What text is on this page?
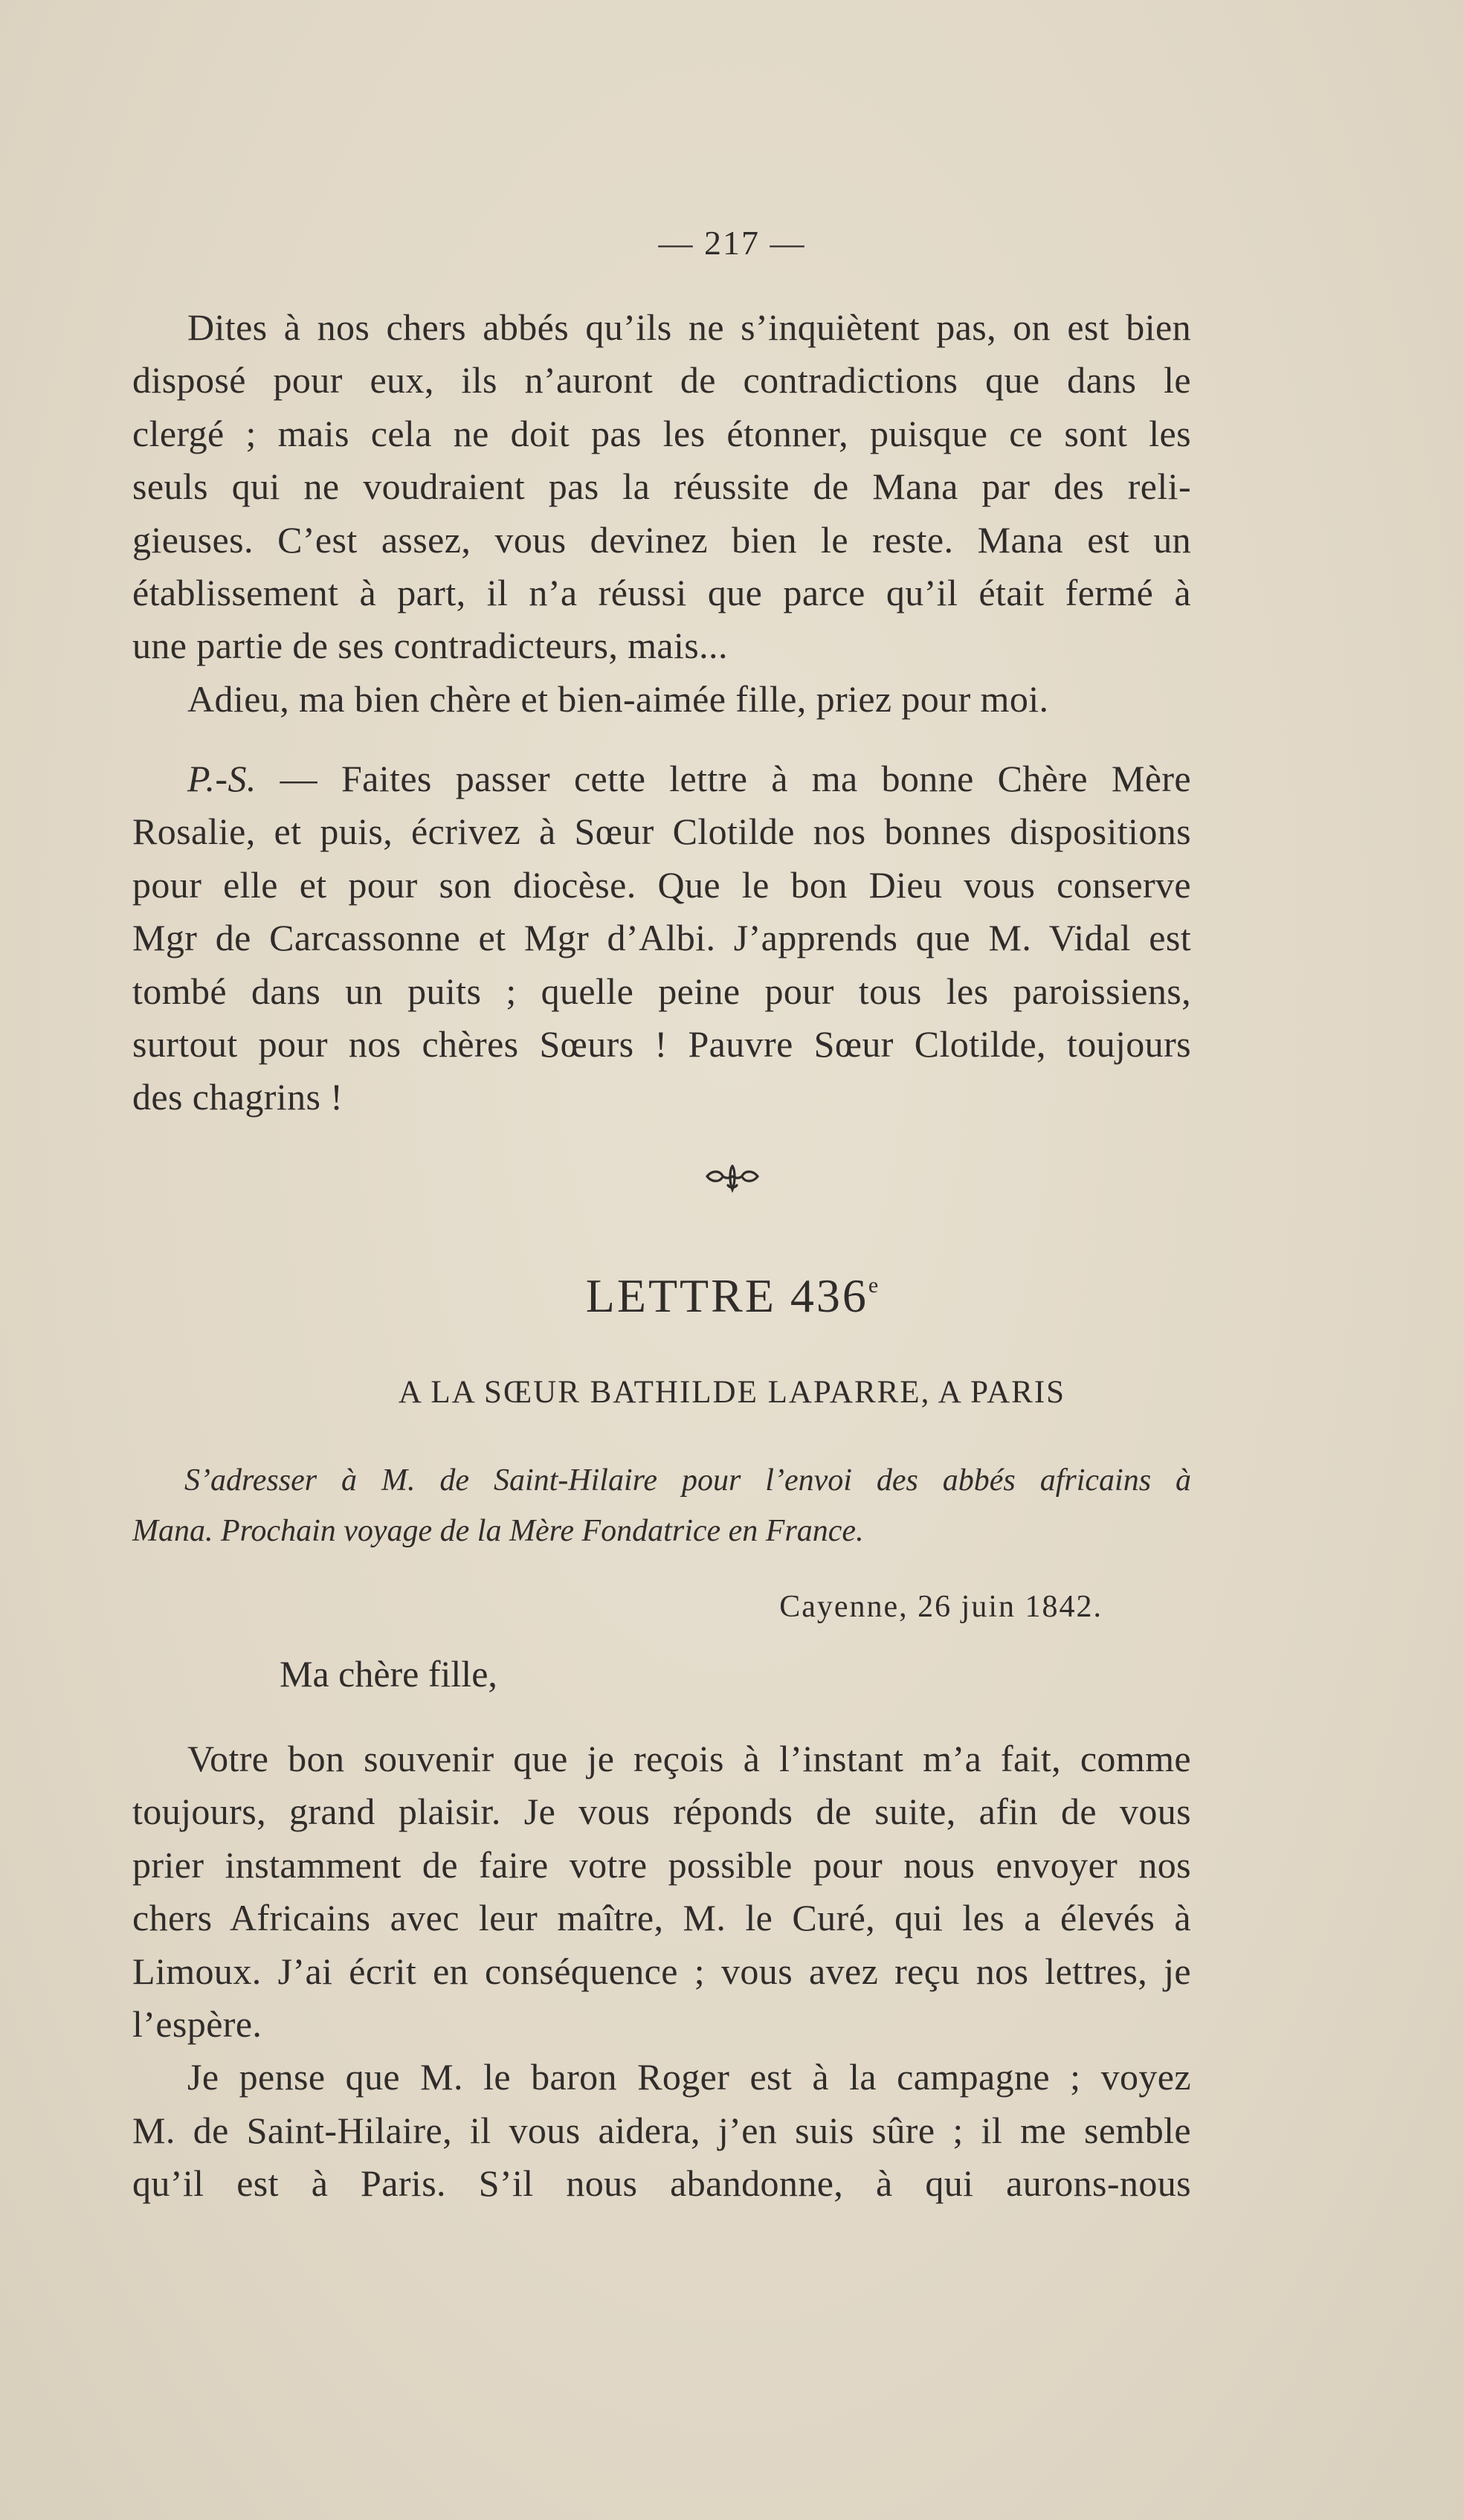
— 217 —

Dites à nos chers abbés qu’ils ne s’inquiètent pas, on est bien

disposé pour eux, ils n’auront de contradictions que dans le

clergé ; mais cela ne doit pas les étonner, puisque ce sont les

seuls qui ne voudraient pas la réussite de Mana par des reli-

gieuses. C’est assez, vous devinez bien le reste. Mana est un

établissement à part, il n’a réussi que parce qu’il était fermé à

une partie de ses contradicteurs, mais...

Adieu, ma bien chère et bien-aimée fille, priez pour moi.

P.-S. — Faites passer cette lettre à ma bonne Chère Mère

Rosalie, et puis, écrivez à Sœur Clotilde nos bonnes dispositions

pour elle et pour son diocèse. Que le bon Dieu vous conserve

Mgr de Carcassonne et Mgr d’Albi. J’apprends que M. Vidal est

tombé dans un puits ; quelle peine pour tous les paroissiens,

surtout pour nos chères Sœurs ! Pauvre Sœur Clotilde, toujours

des chagrins !

LETTRE 436e
A LA SŒUR BATHILDE LAPARRE, A PARIS
S’adresser à M. de Saint-Hilaire pour l’envoi des abbés africains à
Mana. Prochain voyage de la Mère Fondatrice en France.
Cayenne, 26 juin 1842.
Ma chère fille,

Votre bon souvenir que je reçois à l’instant m’a fait, comme

toujours, grand plaisir. Je vous réponds de suite, afin de vous

prier instamment de faire votre possible pour nous envoyer nos

chers Africains avec leur maître, M. le Curé, qui les a élevés à

Limoux. J’ai écrit en conséquence ; vous avez reçu nos lettres, je

l’espère.

Je pense que M. le baron Roger est à la campagne ; voyez

M. de Saint-Hilaire, il vous aidera, j’en suis sûre ; il me semble

qu’il est à Paris. S’il nous abandonne, à qui aurons-nous
